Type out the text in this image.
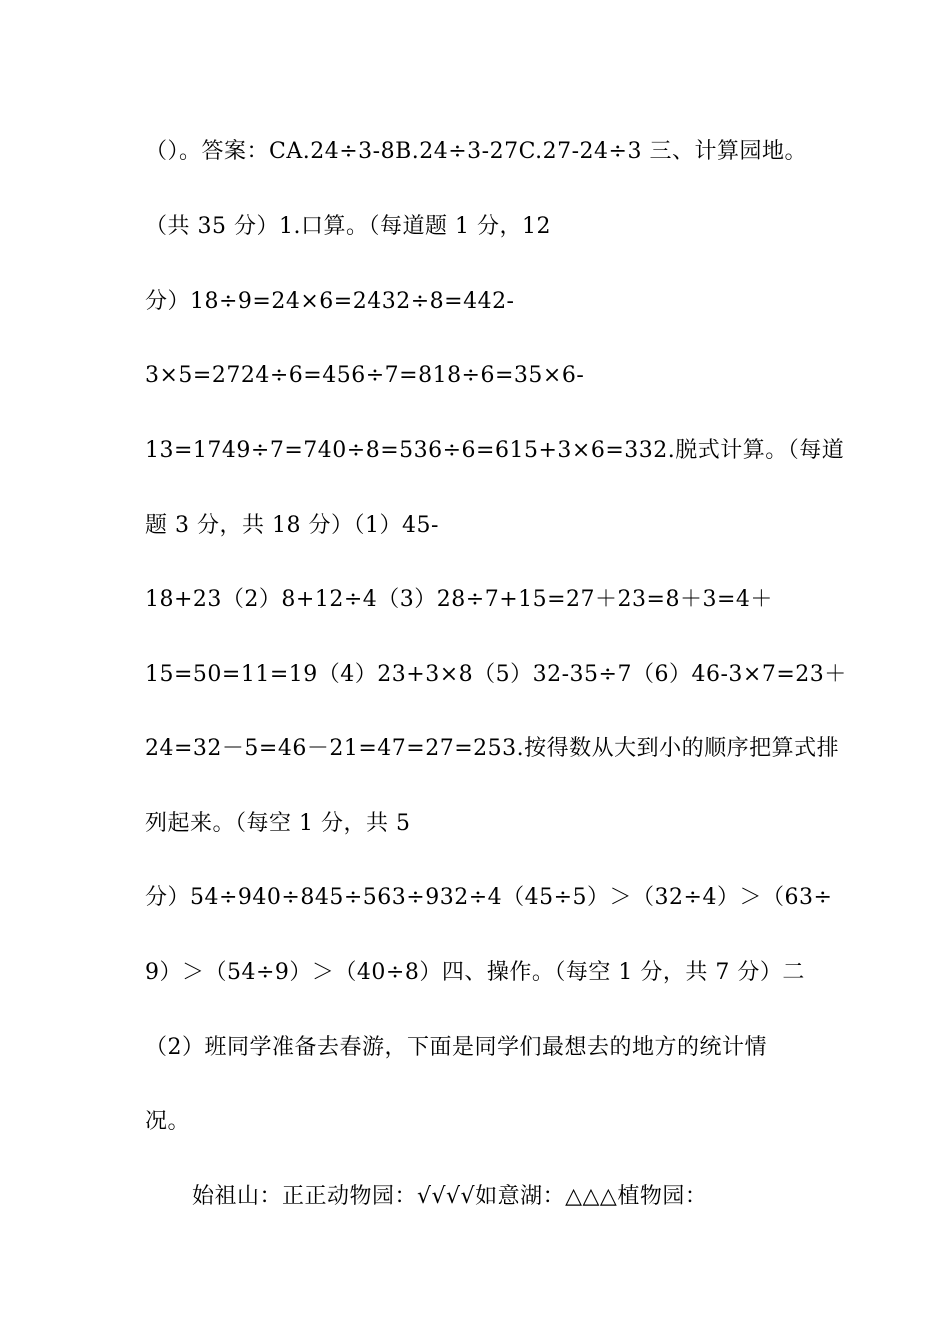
（）。答案：CA.24÷3-8B.24÷3-27C.27-24÷3 三、计算园地。
（共 35 分）1.口算。（每道题 1 分，12
分）18÷9=24×6=2432÷8=442-
3×5=2724÷6=456÷7=818÷6=35×6-
13=1749÷7=740÷8=536÷6=615+3×6=332.脱式计算。（每道
题 3 分，共 18 分）（1）45-
18+23（2）8+12÷4（3）28÷7+15=27＋23=8＋3=4＋
15=50=11=19（4）23+3×8（5）32-35÷7（6）46-3×7=23＋
24=32－5=46－21=47=27=253.按得数从大到小的顺序把算式排
列起来。（每空 1 分，共 5
分）54÷940÷845÷563÷932÷4（45÷5）＞（32÷4）＞（63÷
9）＞（54÷9）＞（40÷8）四、操作。（每空 1 分，共 7 分）二
（2）班同学准备去春游，下面是同学们最想去的地方的统计情
况。
始祖山：正正动物园：√√√√如意湖：△△△植物园：
